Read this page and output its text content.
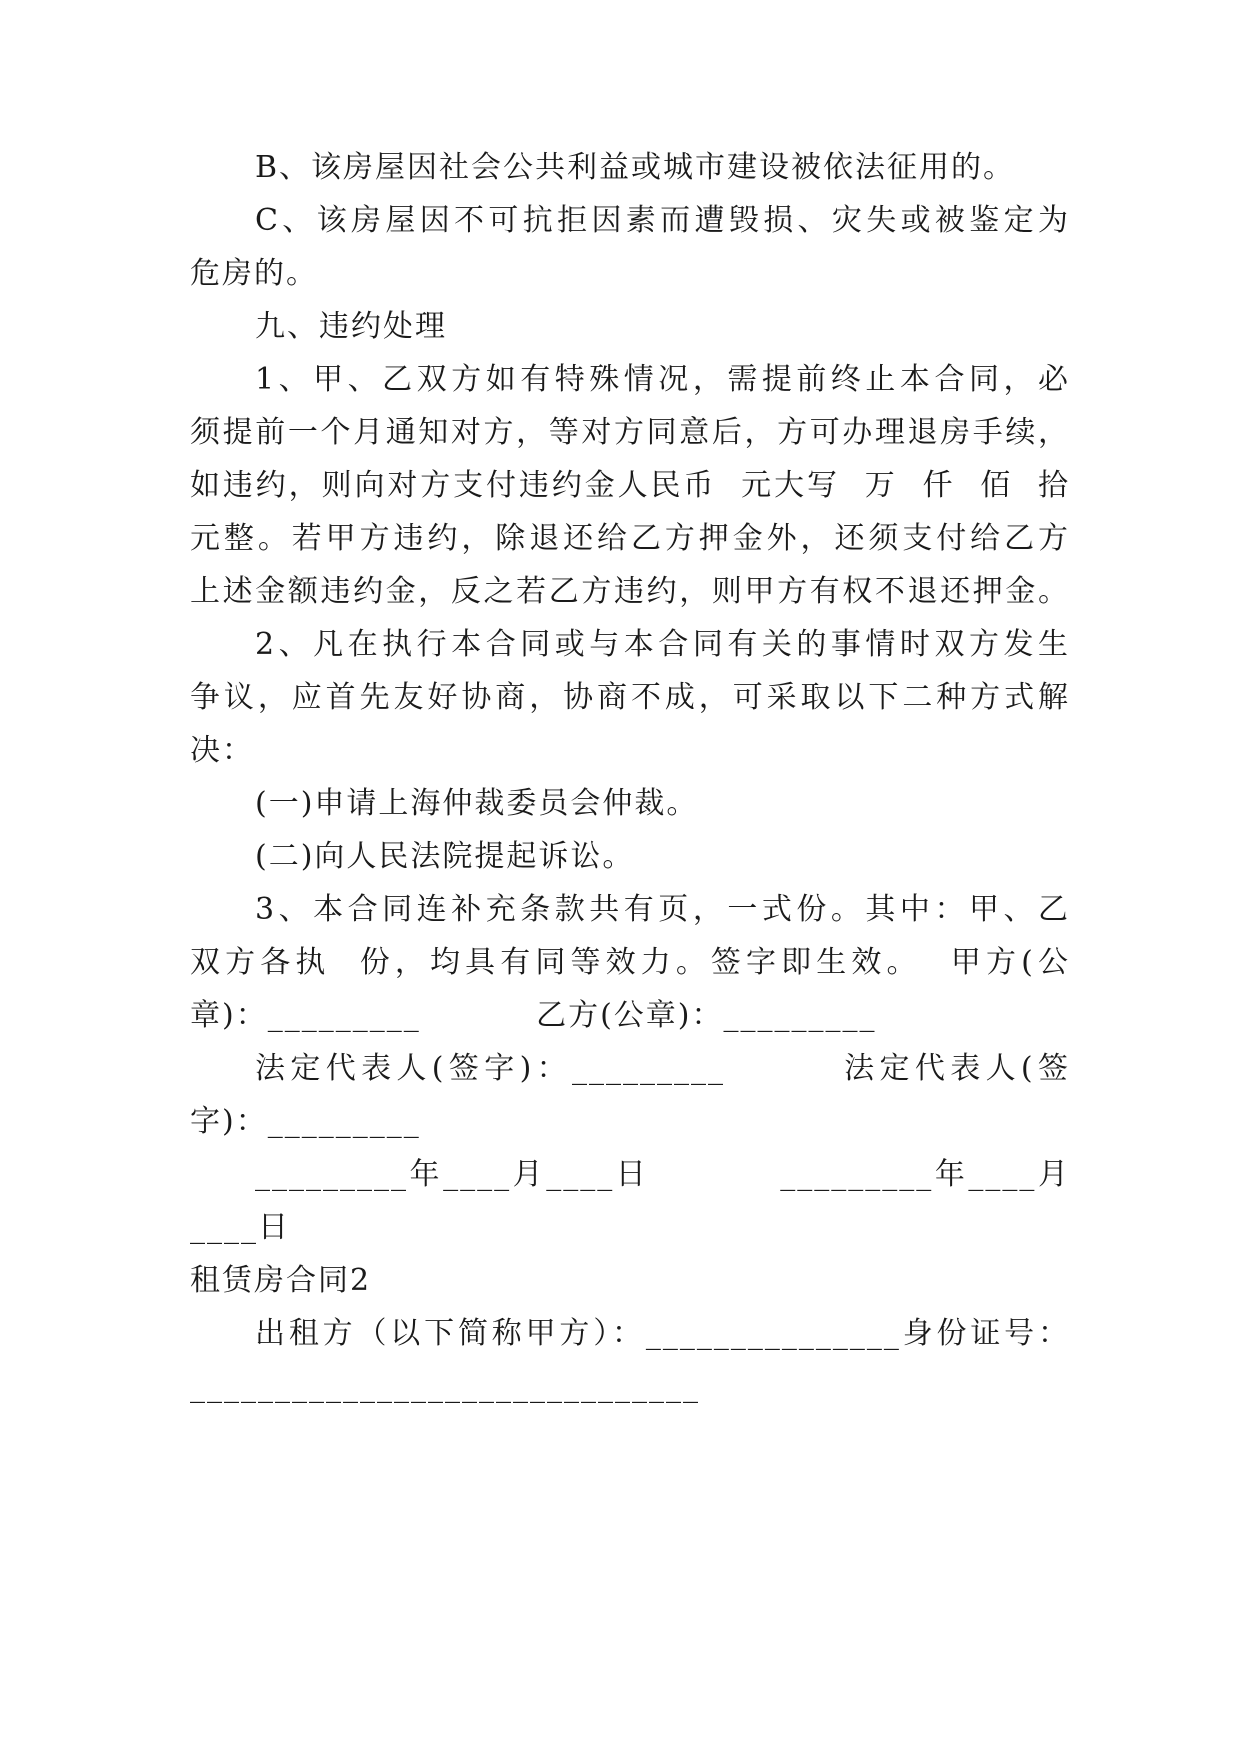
B、该房屋因社会公共利益或城市建设被依法征用的。
C、该房屋因不可抗拒因素而遭毁损、灾失或被鉴定为
危房的。
九、违约处理
1、甲、乙双方如有特殊情况，需提前终止本合同，必
须提前一个月通知对方，等对方同意后，方可办理退房手续，
如违约，则向对方支付违约金人民币  元大写  万  仟  佰  拾
元整。若甲方违约，除退还给乙方押金外，还须支付给乙方
上述金额违约金，反之若乙方违约，则甲方有权不退还押金。
2、凡在执行本合同或与本合同有关的事情时双方发生
争议，应首先友好协商，协商不成，可采取以下二种方式解
决：
(一)申请上海仲裁委员会仲裁。
(二)向人民法院提起诉讼。
3、本合同连补充条款共有页，一式份。其中：甲、乙
双方各执  份，均具有同等效力。签字即生效。  甲方(公
章)：_________          乙方(公章)：_________
法定代表人(签字)：_________        法定代表人(签
字)：_________
_________年____月____日          _________年____月
____日
租赁房合同2
出租方（以下简称甲方）：_______________身份证号：
______________________________
